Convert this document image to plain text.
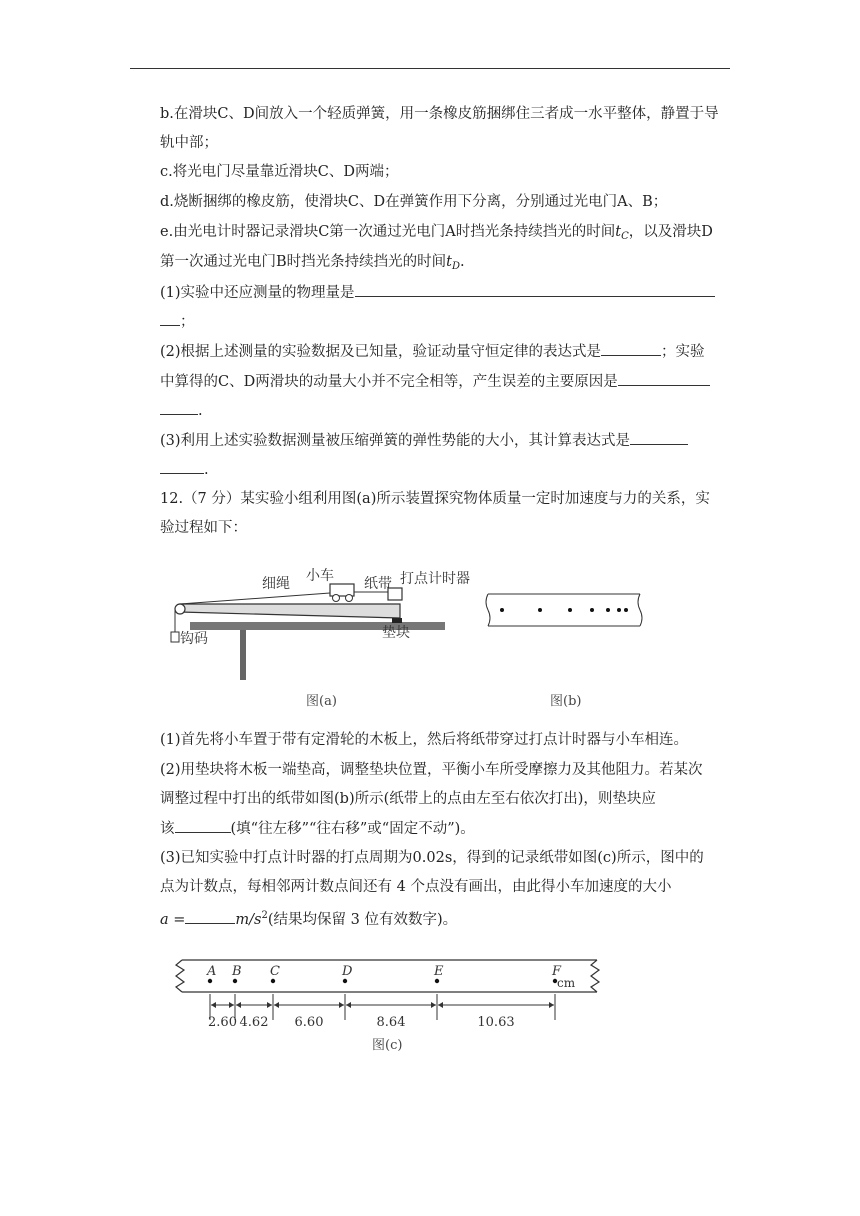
b.在滑块C、D间放入一个轻质弹簧，用一条橡皮筋捆绑住三者成一水平整体，静置于导
轨中部；
c.将光电门尽量靠近滑块C、D两端；
d.烧断捆绑的橡皮筋，使滑块C、D在弹簧作用下分离，分别通过光电门A、B；
e.由光电计时器记录滑块C第一次通过光电门A时挡光条持续挡光的时间$t_C$，以及滑块D
第一次通过光电门B时挡光条持续挡光的时间$t_D$.
(1)实验中还应测量的物理量是
；
(2)根据上述测量的实验数据及已知量，验证动量守恒定律的表达式是	；实验
中算得的C、D两滑块的动量大小并不完全相等，产生误差的主要原因是
.
(3)利用上述实验数据测量被压缩弹簧的弹性势能的大小，其计算表达式是
.
12.（7 分）某实验小组利用图(a)所示装置探究物体质量一定时加速度与力的关系，实
验过程如下：
细绳 小车 纸带 打点计时器
钩码	垫块
图(a)	图(b)
(1)首先将小车置于带有定滑轮的木板上，然后将纸带穿过打点计时器与小车相连。
(2)用垫块将木板一端垫高，调整垫块位置，平衡小车所受摩擦力及其他阻力。若某次
调整过程中打出的纸带如图(b)所示(纸带上的点由左至右依次打出)，则垫块应
该	(填“往左移”“往右移”或“固定不动”)。
(3)已知实验中打点计时器的打点周期为0.02s，得到的记录纸带如图(c)所示，图中的
点为计数点，每相邻两计数点间还有 4 个点没有画出，由此得小车加速度的大小
a =	$m/s^2$(结果均保留 3 位有效数字)。
A B C	D	E	F
2.60 4.62 6.60	8.64	10.63
cm
图(c)
